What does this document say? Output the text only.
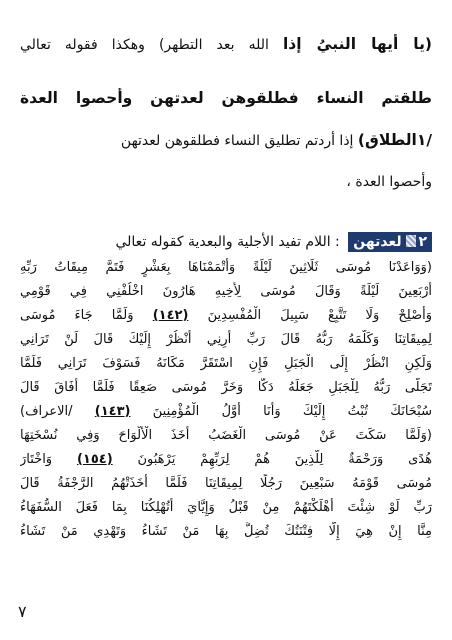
(يا أيها النبيُ إذا الله بعد التطهر) وهكذا فقوله تعالي
طلقتم النساء فطلقوهن لعدتهِن وأحصوا العدة
/١الطلاق) إذا أردتم تطليق النساء فطلقوهن لعدتهن
وأحصوا العدة ،
٢ لعدتهن : اللام تفيد الأجلية والبعدية كقوله تعالي
(وَوَاعَدْنَا مُوسَى ثَلَاثِينَ لَيْلَةً وَأَتْمَمْنَاهَا بِعَشْرٍ فَتَمَّ مِيقَاتُ رَبِّهِ
أَرْبَعِينَ لَيْلَةً وَقَالَ مُوسَى لِأَخِيهِ هَارُونَ اخْلُفْنِي فِي قَوْمِي
وَأَصْلِحْ وَلَا تَتَّبِعْ سَبِيلَ الْمُفْسِدِينَ (١٤٢) وَلَمَّا جَاءَ مُوسَى
لِمِيقَاتِنَا وَكَلَّمَهُ رَبُّهُ قَالَ رَبِّ أَرِنِي أَنْظُرْ إِلَيْكَ قَالَ لَنْ تَرَانِي
وَلَكِنِ انْظُرْ إِلَى الْجَبَلِ فَإِنِ اسْتَقَرَّ مَكَانَهُ فَسَوْفَ تَرَانِي فَلَمَّا
تَجَلَّى رَبُّهُ لِلْجَبَلِ جَعَلَهُ دَكًّا وَخَرَّ مُوسَى صَعِقًا فَلَمَّا أَفَاقَ قَالَ
سُبْحَانَكَ تُبْتُ إِلَيْكَ وَأَنَا أَوَّلُ الْمُؤْمِنِينَ (١٤٣) /الاعراف)
(وَلَمَّا سَكَتَ عَنْ مُوسَى الْغَضَبُ أَخَذَ الْأَلْوَاحَ وَفِي نُسْخَتِهَا
هُدًى وَرَحْمَةٌ لِلَّذِينَ هُمْ لِرَبِّهِمْ يَرْهَبُونَ (١٥٤) وَاخْتَارَ
مُوسَى قَوْمَهُ سَبْعِينَ رَجُلًا لِمِيقَاتِنَا فَلَمَّا أَخَذَتْهُمُ الرَّجْفَةُ قَالَ
رَبِّ لَوْ شِئْتَ أَهْلَكْتَهُمْ مِنْ قَبْلُ وَإِيَّايَ أَتُهْلِكُنَا بِمَا فَعَلَ السُّفَهَاءُ
مِنَّا إِنْ هِيَ إِلَّا فِتْنَتُكَ تُضِلُّ بِهَا مَنْ تَشَاءُ وَتَهْدِي مَنْ تَشَاءُ
٧
